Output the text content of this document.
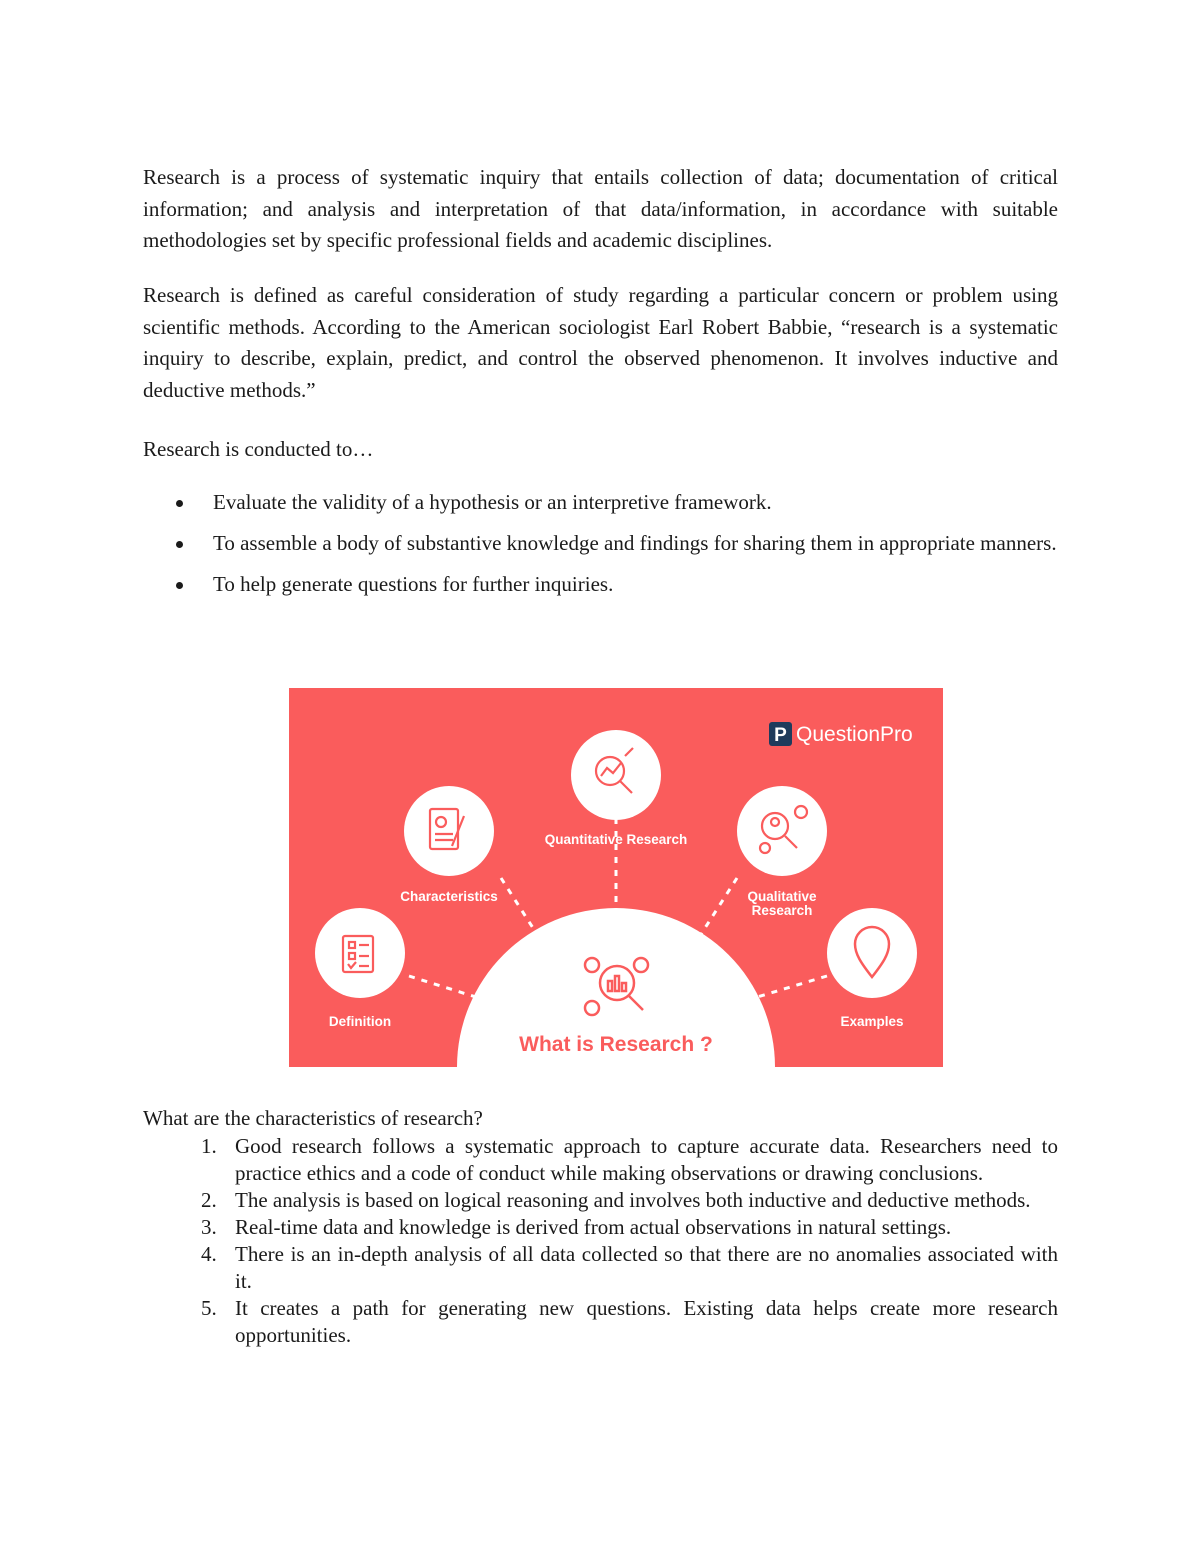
Research is a process of systematic inquiry that entails collection of data; documentation of critical information; and analysis and interpretation of that data/information, in accordance with suitable methodologies set by specific professional fields and academic disciplines.

Research is defined as careful consideration of study regarding a particular concern or problem using scientific methods. According to the American sociologist Earl Robert Babbie, “research is a systematic inquiry to describe, explain, predict, and control the observed phenomenon. It involves inductive and deductive methods.”

Research is conducted to…

Evaluate the validity of a hypothesis or an interpretive framework.
To assemble a body of substantive knowledge and findings for sharing them in appropriate manners.
To help generate questions for further inquiries.
What is Research ?
Quantitative Research
Characteristics	Qualitative
Research
Definition	Examples
P QuestionPro

What are the characteristics of research?

1. Good research follows a systematic approach to capture accurate data. Researchers need to practice ethics and a code of conduct while making observations or drawing conclusions.
2. The analysis is based on logical reasoning and involves both inductive and deductive methods.
3. Real-time data and knowledge is derived from actual observations in natural settings.
4. There is an in-depth analysis of all data collected so that there are no anomalies associated with it.
5. It creates a path for generating new questions. Existing data helps create more research opportunities.
